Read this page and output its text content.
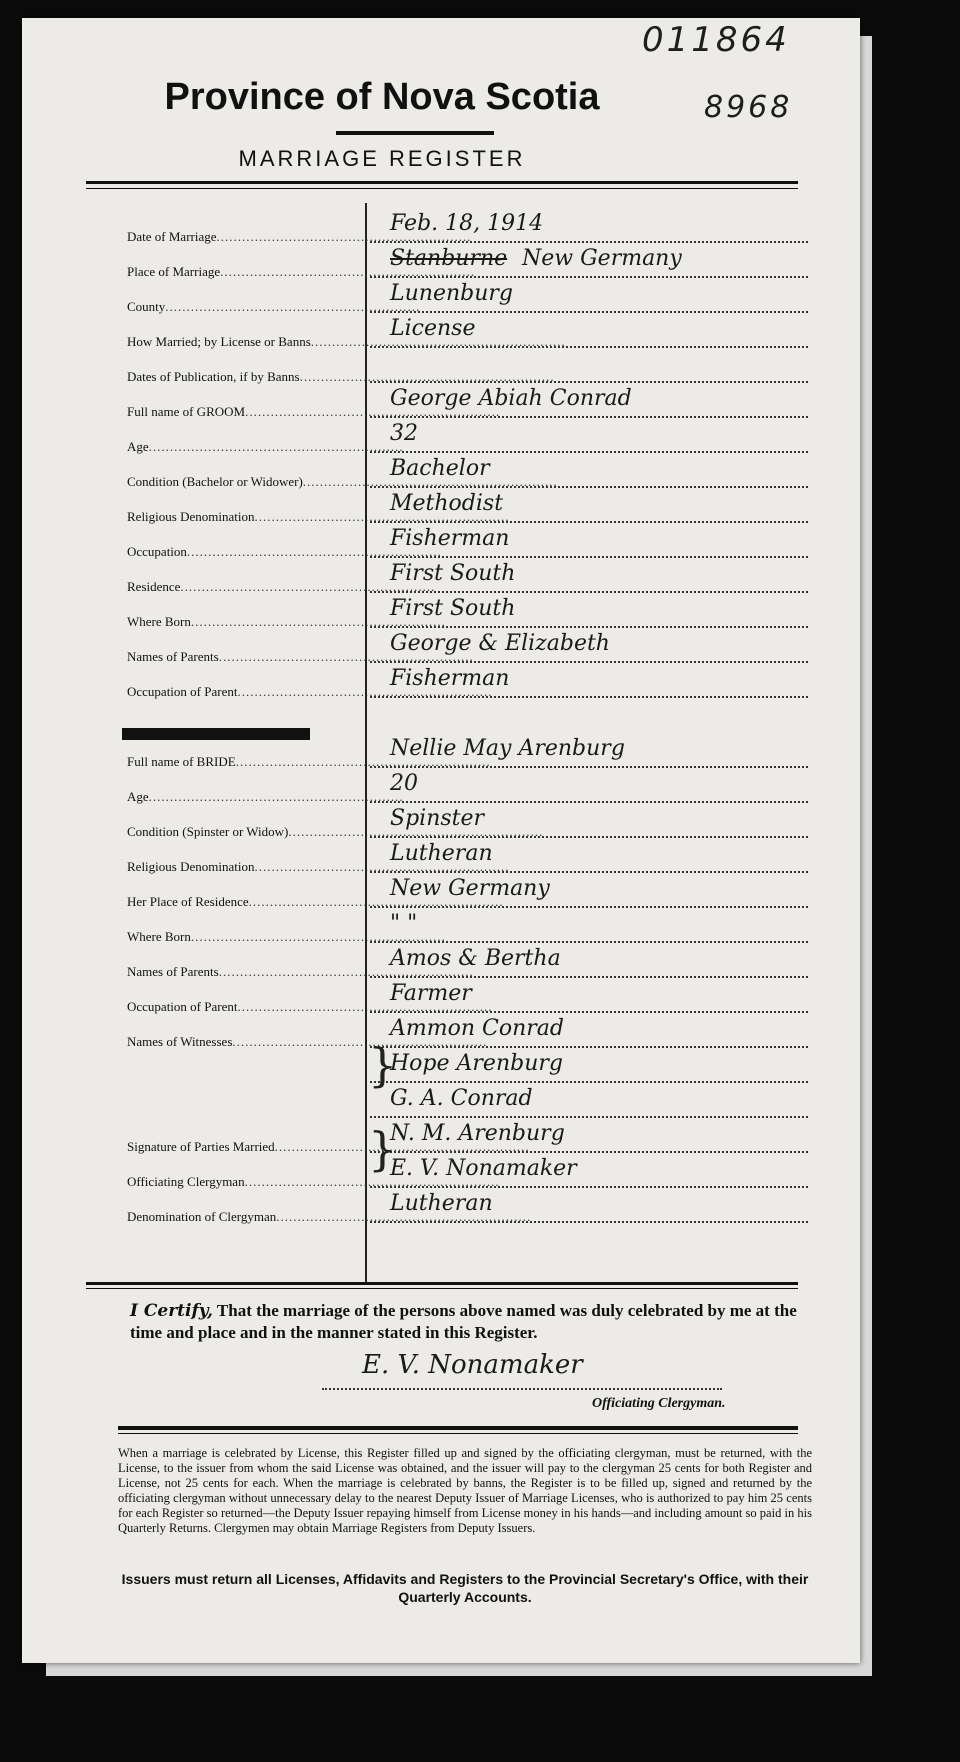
011864
8968
Province of Nova Scotia
MARRIAGE REGISTER
Date of Marriage............................................................
Feb. 18, 1914
Place of Marriage............................................................
Stanburne New Germany
County............................................................
Lunenburg
How Married; by License or Banns............................................................
License
Dates of Publication, if by Banns............................................................
Full name of GROOM............................................................
George Abiah Conrad
Age............................................................
32
Condition (Bachelor or Widower)............................................................
Bachelor
Religious Denomination............................................................
Methodist
Occupation............................................................
Fisherman
Residence............................................................
First South
Where Born............................................................
First South
Names of Parents............................................................
George & Elizabeth
Occupation of Parent............................................................
Fisherman
Full name of BRIDE............................................................
Nellie May Arenburg
Age............................................................
20
Condition (Spinster or Widow)............................................................
Spinster
Religious Denomination............................................................
Lutheran
Her Place of Residence............................................................
New Germany
Where Born............................................................
" "
Names of Parents............................................................
Amos & Bertha
Occupation of Parent............................................................
Farmer
Names of Witnesses............................................................
Ammon Conrad
Hope Arenburg
G. A. Conrad
Signature of Parties Married............................................................
N. M. Arenburg
Officiating Clergyman............................................................
E. V. Nonamaker
Denomination of Clergyman............................................................
Lutheran
}
}
I Certify, That the marriage of the persons above named was duly celebrated by me at the time and place and in the manner stated in this Register.
E. V. Nonamaker
Officiating Clergyman.
When a marriage is celebrated by License, this Register filled up and signed by the officiating clergyman, must be returned, with the License, to the issuer from whom the said License was obtained, and the issuer will pay to the clergyman 25 cents for both Register and License, not 25 cents for each. When the marriage is celebrated by banns, the Register is to be filled up, signed and returned by the officiating clergyman without unnecessary delay to the nearest Deputy Issuer of Marriage Licenses, who is authorized to pay him 25 cents for each Register so returned—the Deputy Issuer repaying himself from License money in his hands—and including amount so paid in his Quarterly Returns. Clergymen may obtain Marriage Registers from Deputy Issuers.
Issuers must return all Licenses, Affidavits and Registers to the Provincial Secretary's Office, with their Quarterly Accounts.
